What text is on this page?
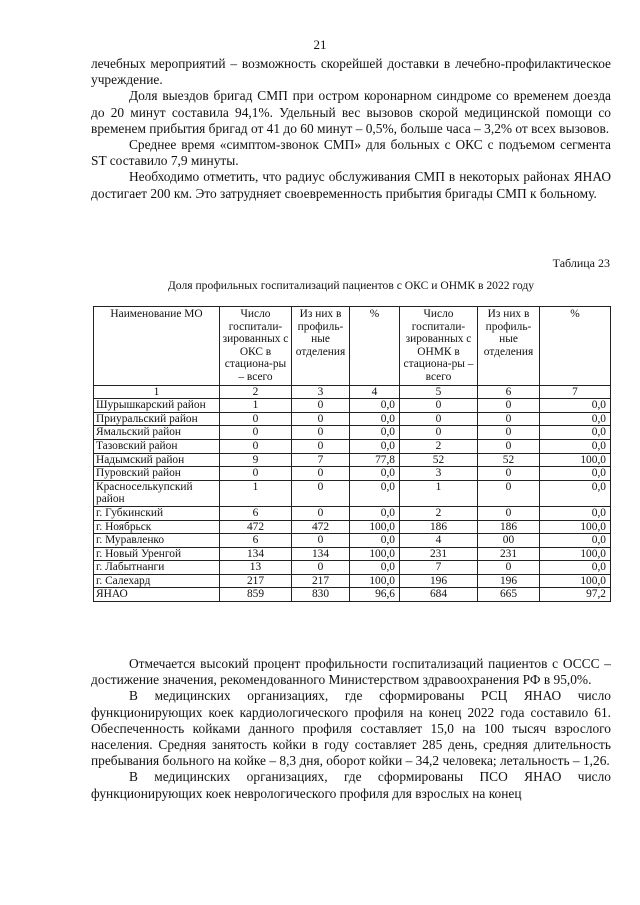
21

лечебных мероприятий – возможность скорейшей доставки в лечебно-профилактическое учреждение.

Доля выездов бригад СМП при остром коронарном синдроме со временем доезда до 20 минут составила 94,1%. Удельный вес вызовов скорой медицинской помощи со временем прибытия бригад от 41 до 60 минут – 0,5%, больше часа – 3,2% от всех вызовов.

Среднее время «симптом-звонок СМП» для больных с ОКС с подъемом сегмента ST составило 7,9 минуты.

Необходимо отметить, что радиус обслуживания СМП в некоторых районах ЯНАО достигает 200 км. Это затрудняет своевременность прибытия бригады СМП к больному.

Таблица 23
Доля профильных госпитализаций пациентов с ОКС и ОНМК в 2022 году
Наименование МО	Число госпитали-зированных с ОКС в стациона-ры – всего	Из них в профиль-ные отделения	%	Число госпитали-зированных с ОНМК в стациона-ры – всего	Из них в профиль-ные отделения	%
1	2	3	4	5	6	7
Шурышкарский район	1	0	0,0	0	0	0,0
Приуральский район	0	0	0,0	0	0	0,0
Ямальский район	0	0	0,0	0	0	0,0
Тазовский район	0	0	0,0	2	0	0,0
Надымский район	9	7	77,8	52	52	100,0
Пуровский район	0	0	0,0	3	0	0,0
Красноселькупский район	1	0	0,0	1	0	0,0
г. Губкинский	6	0	0,0	2	0	0,0
г. Ноябрьск	472	472	100,0	186	186	100,0
г. Муравленко	6	0	0,0	4	00	0,0
г. Новый Уренгой	134	134	100,0	231	231	100,0
г. Лабытнанги	13	0	0,0	7	0	0,0
г. Салехард	217	217	100,0	196	196	100,0
ЯНАО	859	830	96,6	684	665	97,2

Отмечается высокий процент профильности госпитализаций пациентов с ОССС – достижение значения, рекомендованного Министерством здравоохранения РФ в 95,0%.

В медицинских организациях, где сформированы РСЦ ЯНАО число функционирующих коек кардиологического профиля на конец 2022 года составило 61. Обеспеченность койками данного профиля составляет 15,0 на 100 тысяч взрослого населения. Средняя занятость койки в году составляет 285 день, средняя длительность пребывания больного на койке – 8,3 дня, оборот койки – 34,2 человека; летальность – 1,26.

В медицинских организациях, где сформированы ПСО ЯНАО число функционирующих коек неврологического профиля для взрослых на конец
